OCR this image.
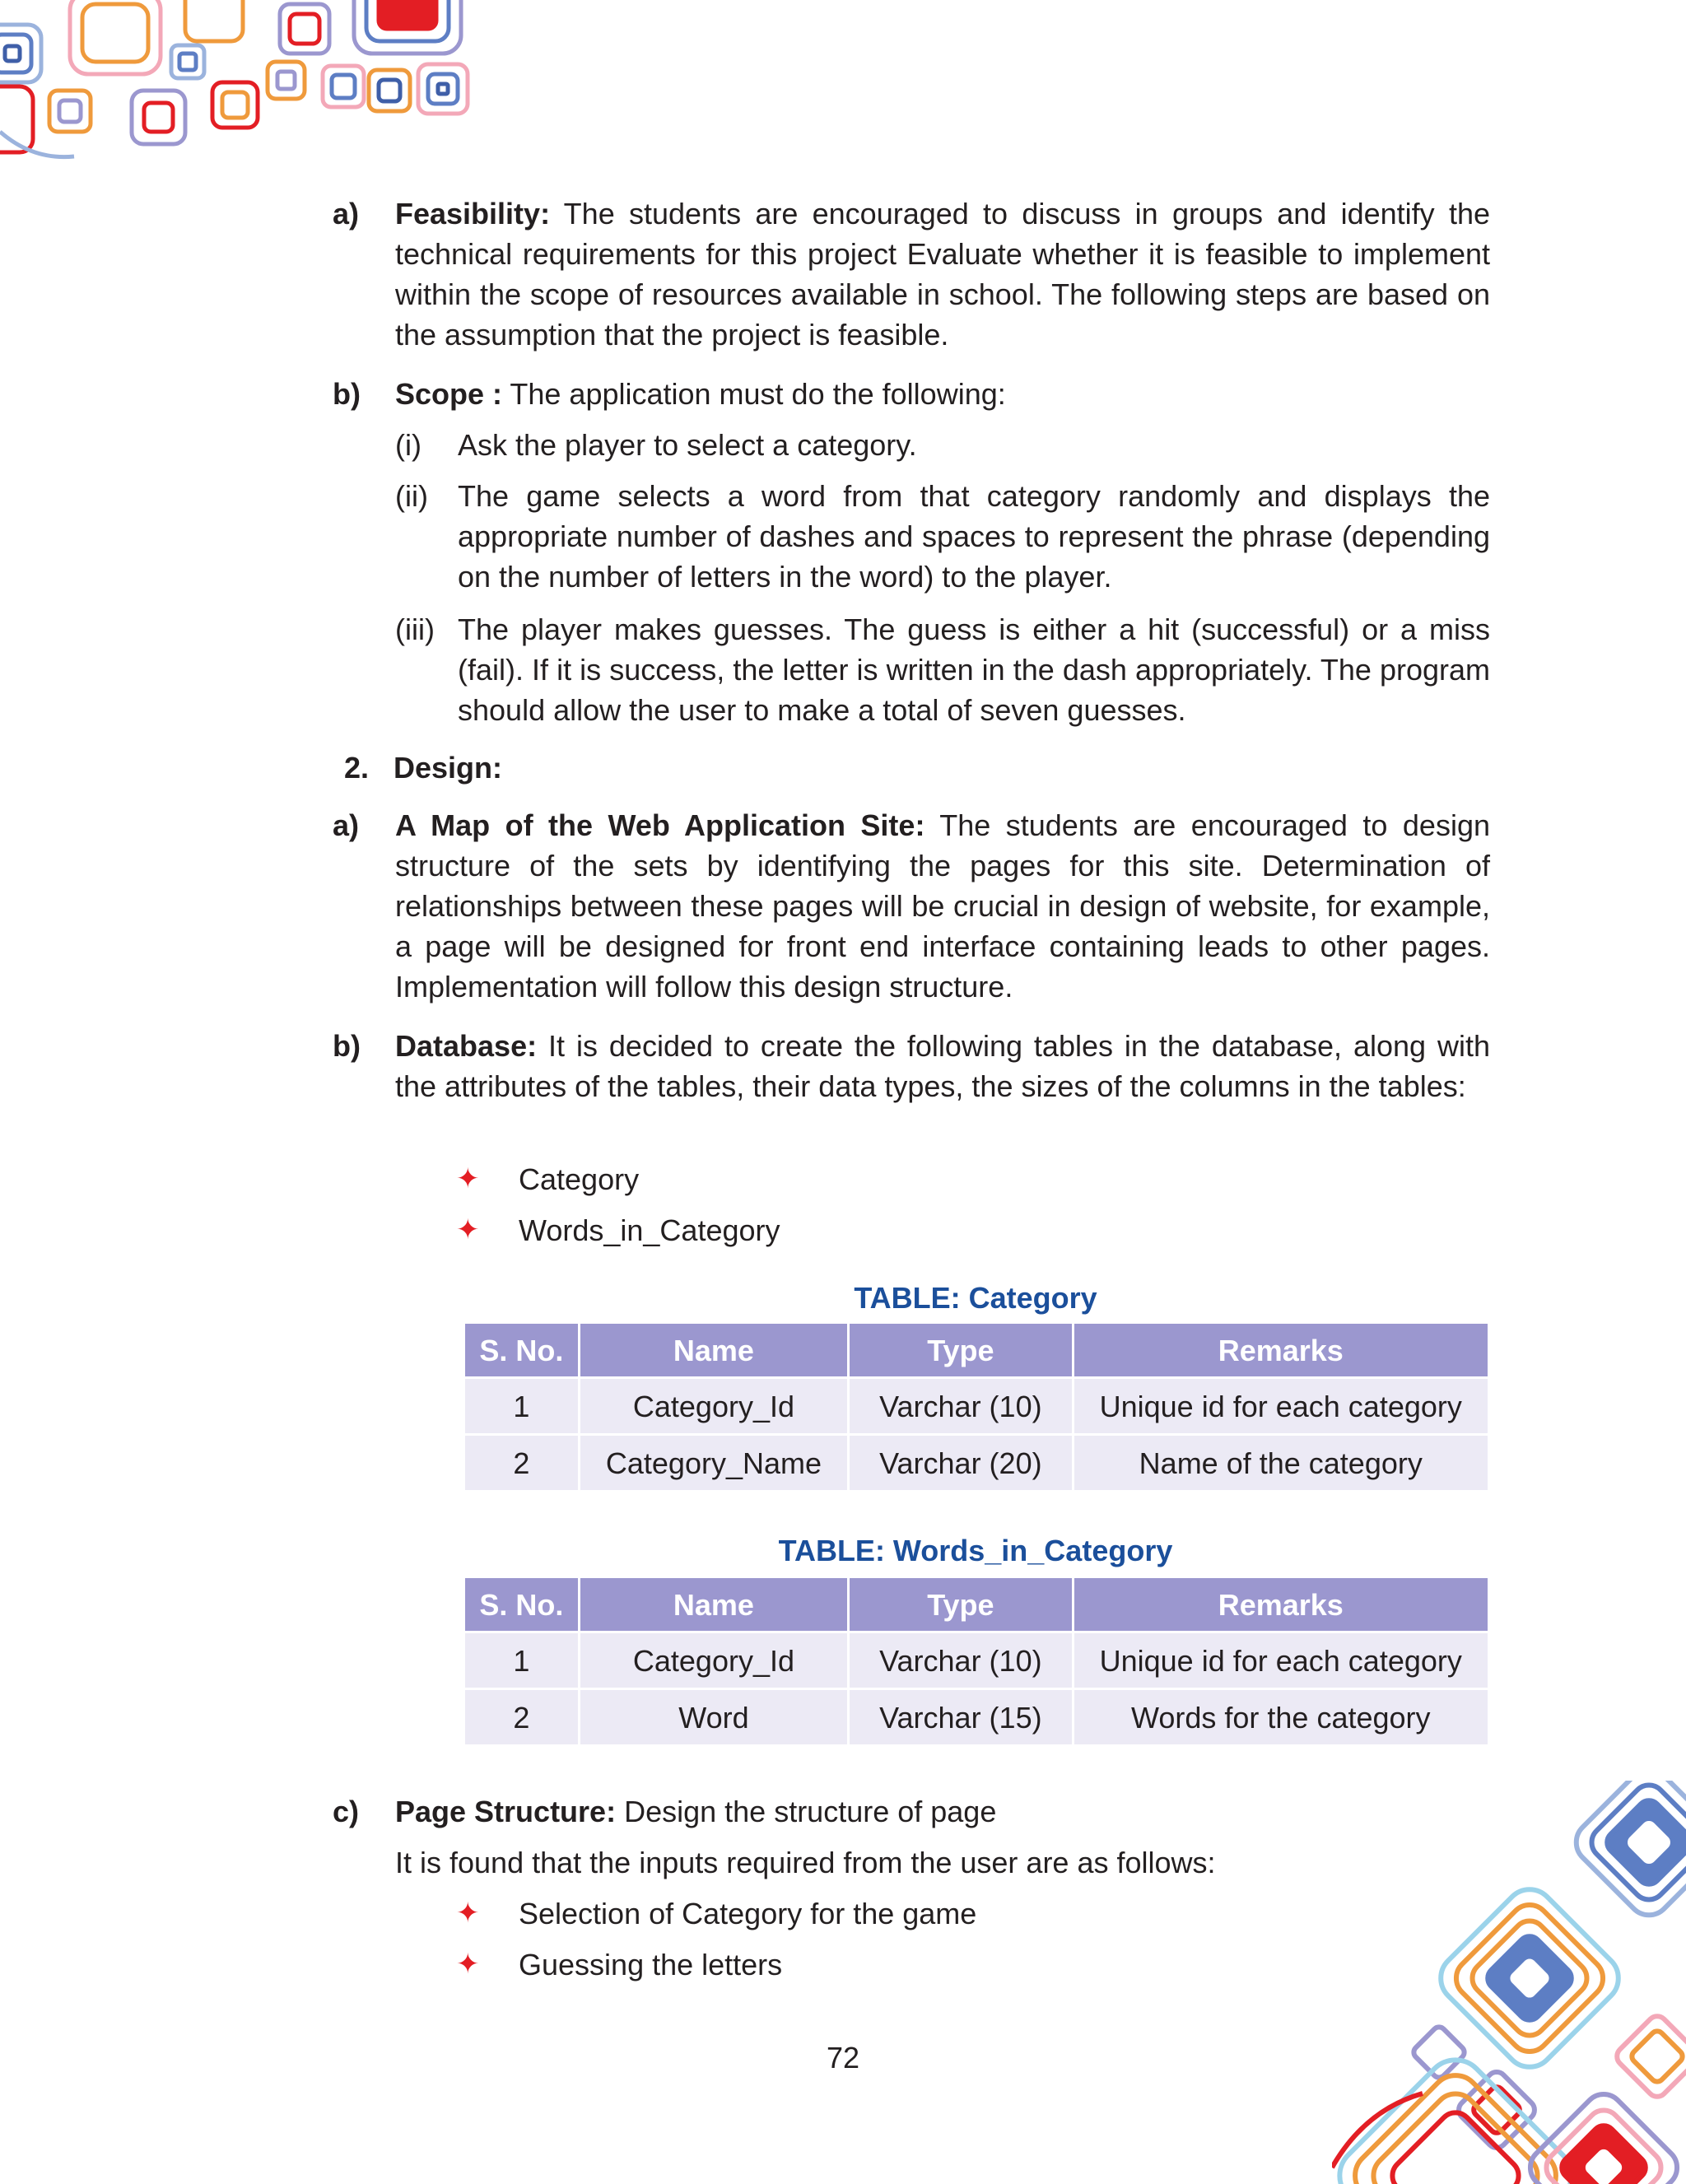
a) Feasibility: The students are encouraged to discuss in groups and identify the technical requirements for this project Evaluate whether it is feasible to implement within the scope of resources available in school. The following steps are based on the assumption that the project is feasible.

b) Scope : The application must do the following:

(i) Ask the player to select a category.

(ii) The game selects a word from that category randomly and displays the appropriate number of dashes and spaces to represent the phrase (depending on the number of letters in the word) to the player.

(iii) The player makes guesses. The guess is either a hit (successful) or a miss (fail). If it is success, the letter is written in the dash appropriately. The program should allow the user to make a total of seven guesses.

2. Design:
a) A Map of the Web Application Site: The students are encouraged to design structure of the sets by identifying the pages for this site. Determination of relationships between these pages will be crucial in design of website, for example, a page will be designed for front end interface containing leads to other pages. Implementation will follow this design structure.

b) Database: It is decided to create the following tables in the database, along with the attributes of the tables, their data types, the sizes of the columns in the tables:

✦ Category
✦ Words_in_Category
TABLE: Category
S. No.	Name	Type	Remarks
1	Category_Id	Varchar (10)	Unique id for each category
2	Category_Name	Varchar (20)	Name of the category
TABLE: Words_in_Category
S. No.	Name	Type	Remarks
1	Category_Id	Varchar (10)	Unique id for each category
2	Word	Varchar (15)	Words for the category
c) Page Structure: Design the structure of page

It is found that the inputs required from the user are as follows:

✦ Selection of Category for the game
✦ Guessing the letters
72
